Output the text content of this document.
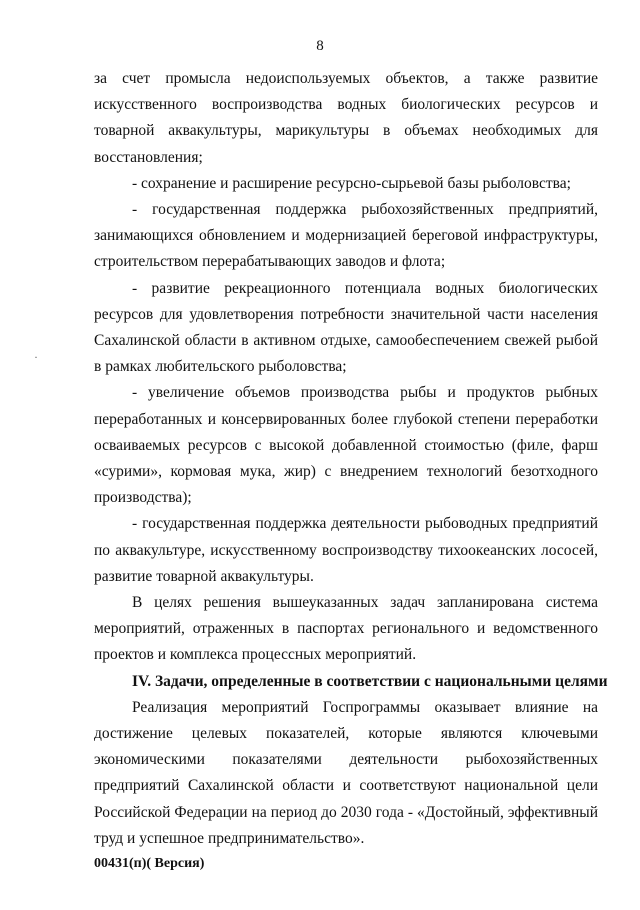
8
·

за счет промысла недоиспользуемых объектов, а также развитие искусственного воспроизводства водных биологических ресурсов и товарной аквакультуры, марикультуры в объемах необходимых для восстановления;

- сохранение и расширение ресурсно-сырьевой базы рыболовства;

- государственная поддержка рыбохозяйственных предприятий, занимающихся обновлением и модернизацией береговой инфраструктуры, строительством перерабатывающих заводов и флота;

- развитие рекреационного потенциала водных биологических ресурсов для удовлетворения потребности значительной части населения Сахалинской области в активном отдыхе, самообеспечением свежей рыбой в рамках любительского рыболовства;

- увеличение объемов производства рыбы и продуктов рыбных переработанных и консервированных более глубокой степени переработки осваиваемых ресурсов с высокой добавленной стоимостью (филе, фарш «сурими», кормовая мука, жир) с внедрением технологий безотходного производства);

- государственная поддержка деятельности рыбоводных предприятий по аквакультуре, искусственному воспроизводству тихоокеанских лососей, развитие товарной аквакультуры.

В целях решения вышеуказанных задач запланирована система мероприятий, отраженных в паспортах регионального и ведомственного проектов и комплекса процессных мероприятий.

IV. Задачи, определенные в соответствии с национальными целями

Реализация мероприятий Госпрограммы оказывает влияние на достижение целевых показателей, которые являются ключевыми экономическими показателями деятельности рыбохозяйственных предприятий Сахалинской области и соответствуют национальной цели Российской Федерации на период до 2030 года - «Достойный, эффективный труд и успешное предпринимательство».

00431(п)( Версия)
